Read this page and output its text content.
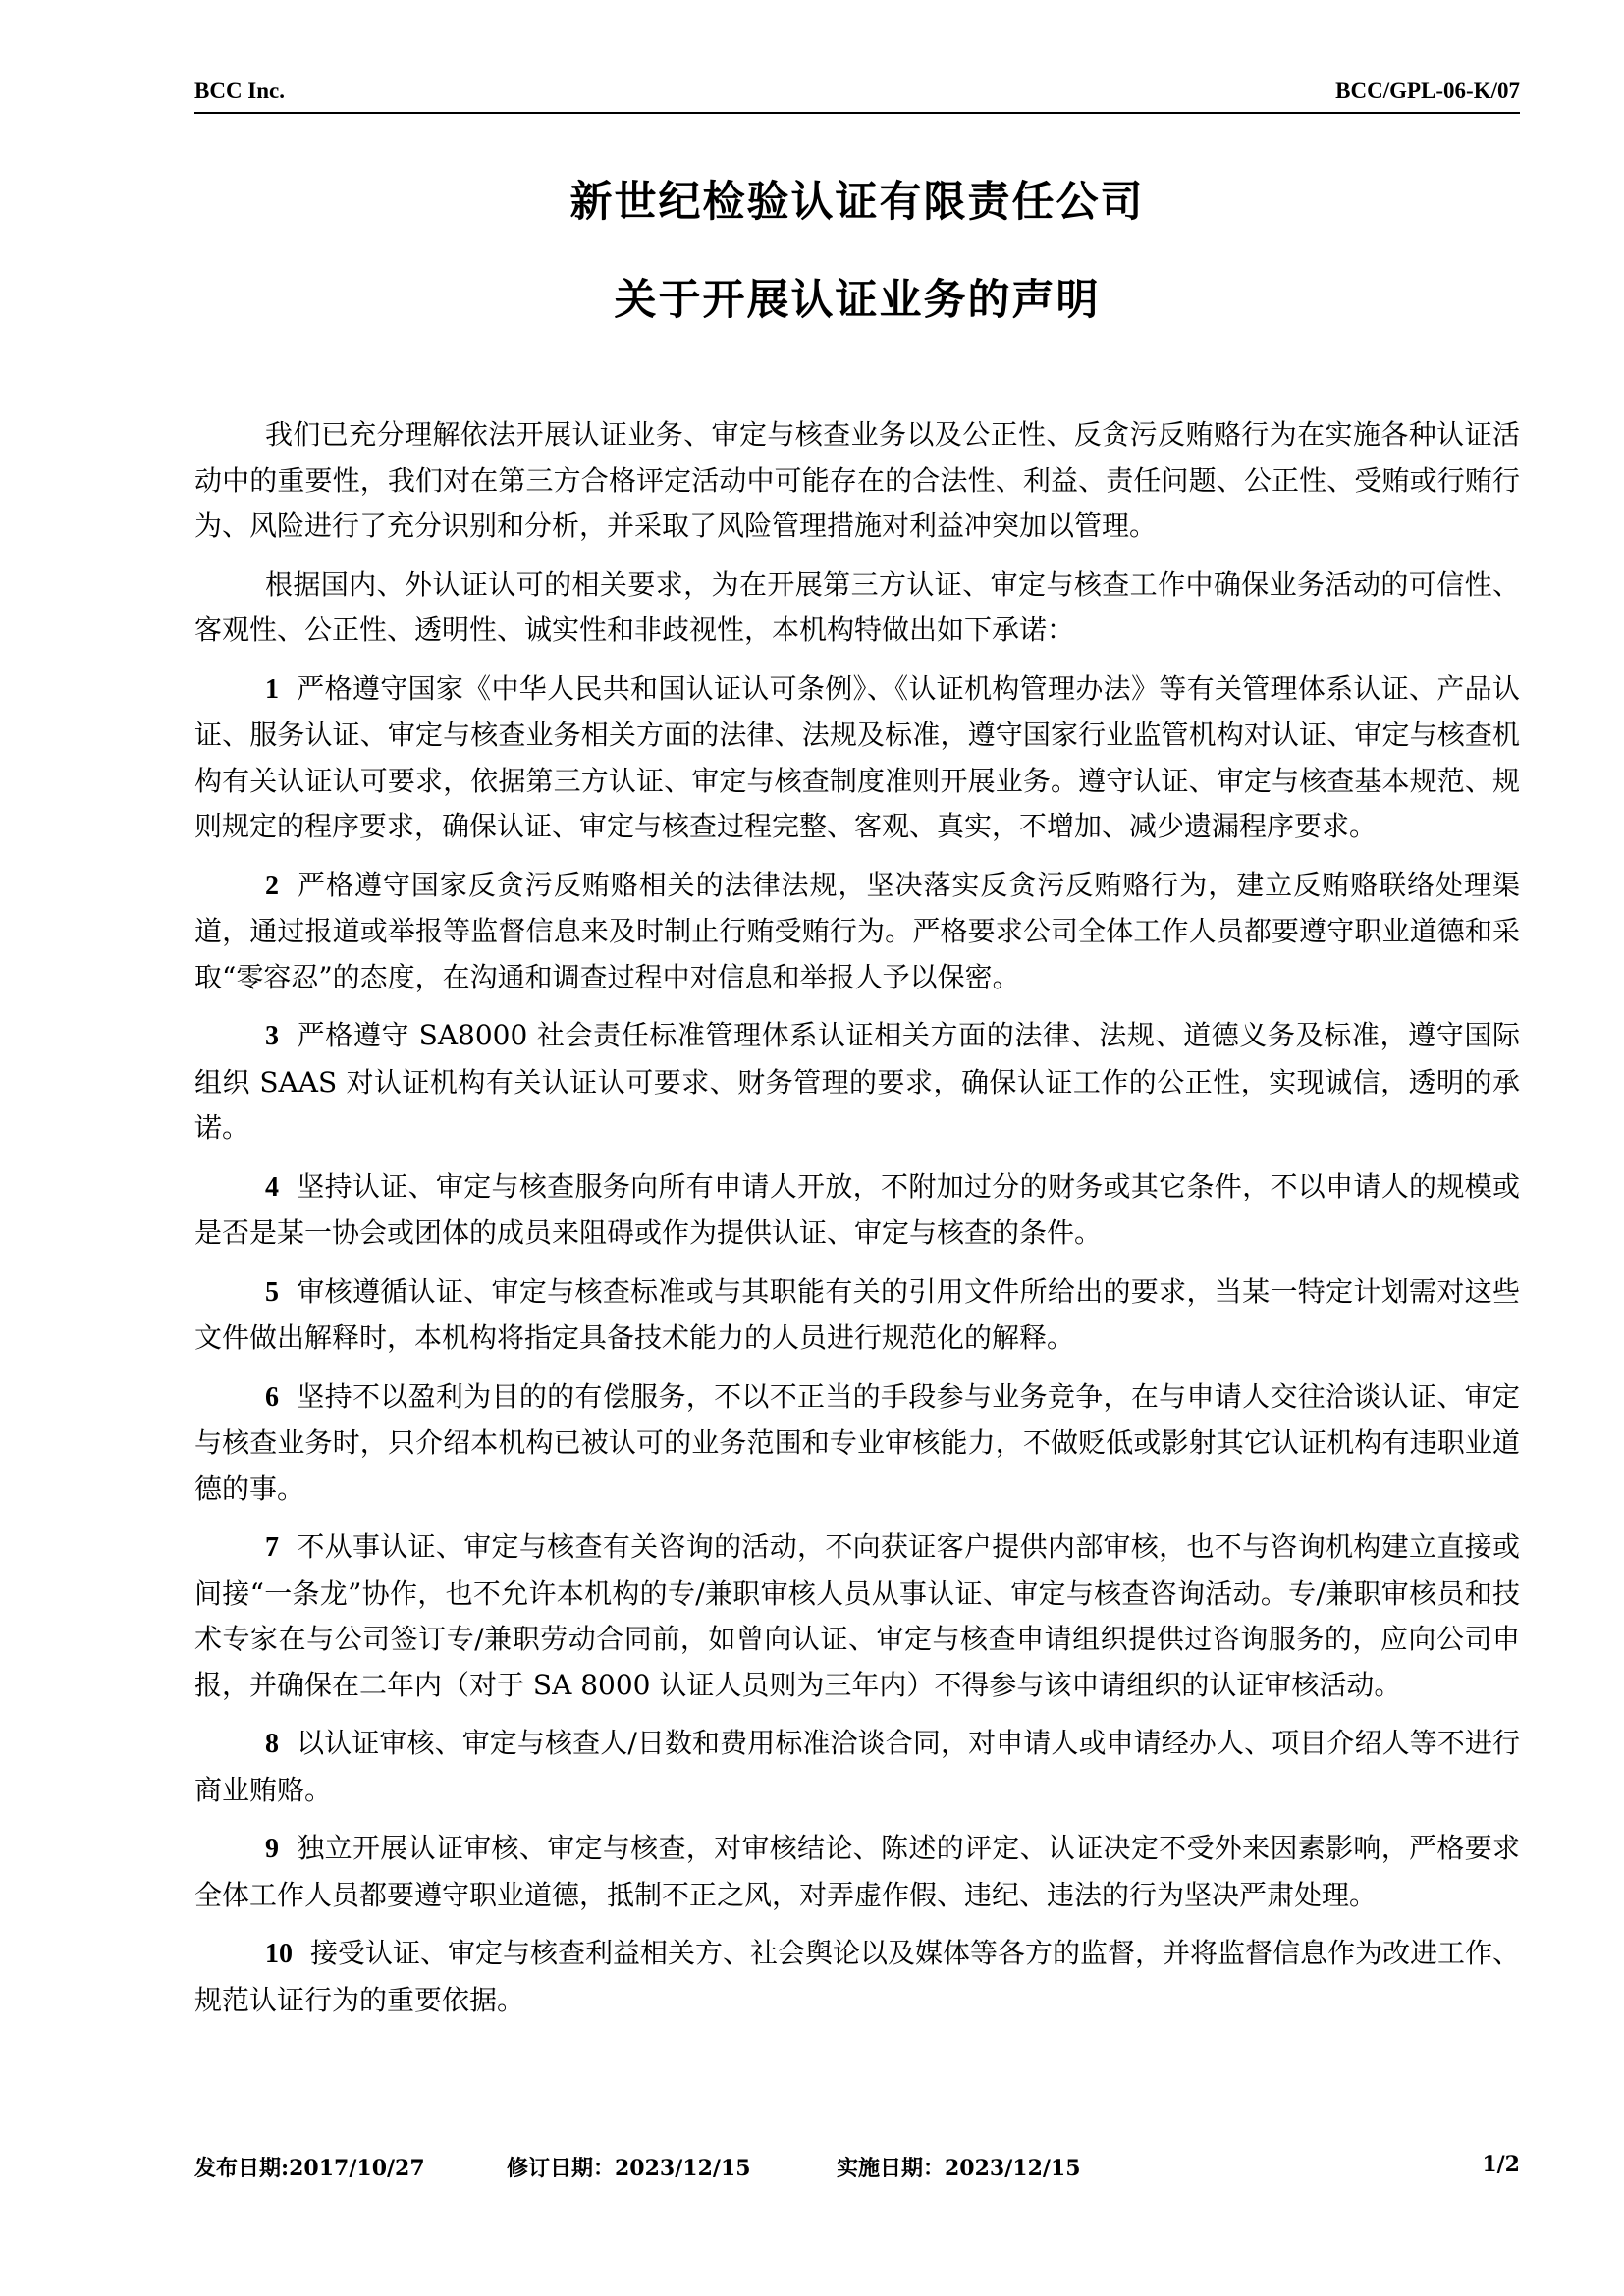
BCC Inc.	BCC/GPL-06-K/07
新世纪检验认证有限责任公司
关于开展认证业务的声明

我们已充分理解依法开展认证业务、审定与核查业务以及公正性、反贪污反贿赂行为在实施各种认证活动中的重要性，我们对在第三方合格评定活动中可能存在的合法性、利益、责任问题、公正性、受贿或行贿行为、风险进行了充分识别和分析，并采取了风险管理措施对利益冲突加以管理。

根据国内、外认证认可的相关要求，为在开展第三方认证、审定与核查工作中确保业务活动的可信性、客观性、公正性、透明性、诚实性和非歧视性，本机构特做出如下承诺：

1 严格遵守国家《中华人民共和国认证认可条例》、《认证机构管理办法》等有关管理体系认证、产品认证、服务认证、审定与核查业务相关方面的法律、法规及标准，遵守国家行业监管机构对认证、审定与核查机构有关认证认可要求，依据第三方认证、审定与核查制度准则开展业务。遵守认证、审定与核查基本规范、规则规定的程序要求，确保认证、审定与核查过程完整、客观、真实，不增加、减少遗漏程序要求。

2 严格遵守国家反贪污反贿赂相关的法律法规，坚决落实反贪污反贿赂行为，建立反贿赂联络处理渠道，通过报道或举报等监督信息来及时制止行贿受贿行为。严格要求公司全体工作人员都要遵守职业道德和采取“零容忍”的态度，在沟通和调查过程中对信息和举报人予以保密。

3 严格遵守 SA8000 社会责任标准管理体系认证相关方面的法律、法规、道德义务及标准，遵守国际组织 SAAS 对认证机构有关认证认可要求、财务管理的要求，确保认证工作的公正性，实现诚信，透明的承诺。

4 坚持认证、审定与核查服务向所有申请人开放，不附加过分的财务或其它条件，不以申请人的规模或是否是某一协会或团体的成员来阻碍或作为提供认证、审定与核查的条件。

5 审核遵循认证、审定与核查标准或与其职能有关的引用文件所给出的要求，当某一特定计划需对这些文件做出解释时，本机构将指定具备技术能力的人员进行规范化的解释。

6 坚持不以盈利为目的的有偿服务，不以不正当的手段参与业务竞争，在与申请人交往洽谈认证、审定与核查业务时，只介绍本机构已被认可的业务范围和专业审核能力，不做贬低或影射其它认证机构有违职业道德的事。

7 不从事认证、审定与核查有关咨询的活动，不向获证客户提供内部审核，也不与咨询机构建立直接或间接“一条龙”协作，也不允许本机构的专/兼职审核人员从事认证、审定与核查咨询活动。专/兼职审核员和技术专家在与公司签订专/兼职劳动合同前，如曾向认证、审定与核查申请组织提供过咨询服务的，应向公司申报，并确保在二年内（对于 SA 8000 认证人员则为三年内）不得参与该申请组织的认证审核活动。

8 以认证审核、审定与核查人/日数和费用标准洽谈合同，对申请人或申请经办人、项目介绍人等不进行商业贿赂。

9 独立开展认证审核、审定与核查，对审核结论、陈述的评定、认证决定不受外来因素影响，严格要求全体工作人员都要遵守职业道德，抵制不正之风，对弄虚作假、违纪、违法的行为坚决严肃处理。

10 接受认证、审定与核查利益相关方、社会舆论以及媒体等各方的监督，并将监督信息作为改进工作、规范认证行为的重要依据。

发布日期:2017/10/27	修订日期：2023/12/15	实施日期：2023/12/15	1/2
